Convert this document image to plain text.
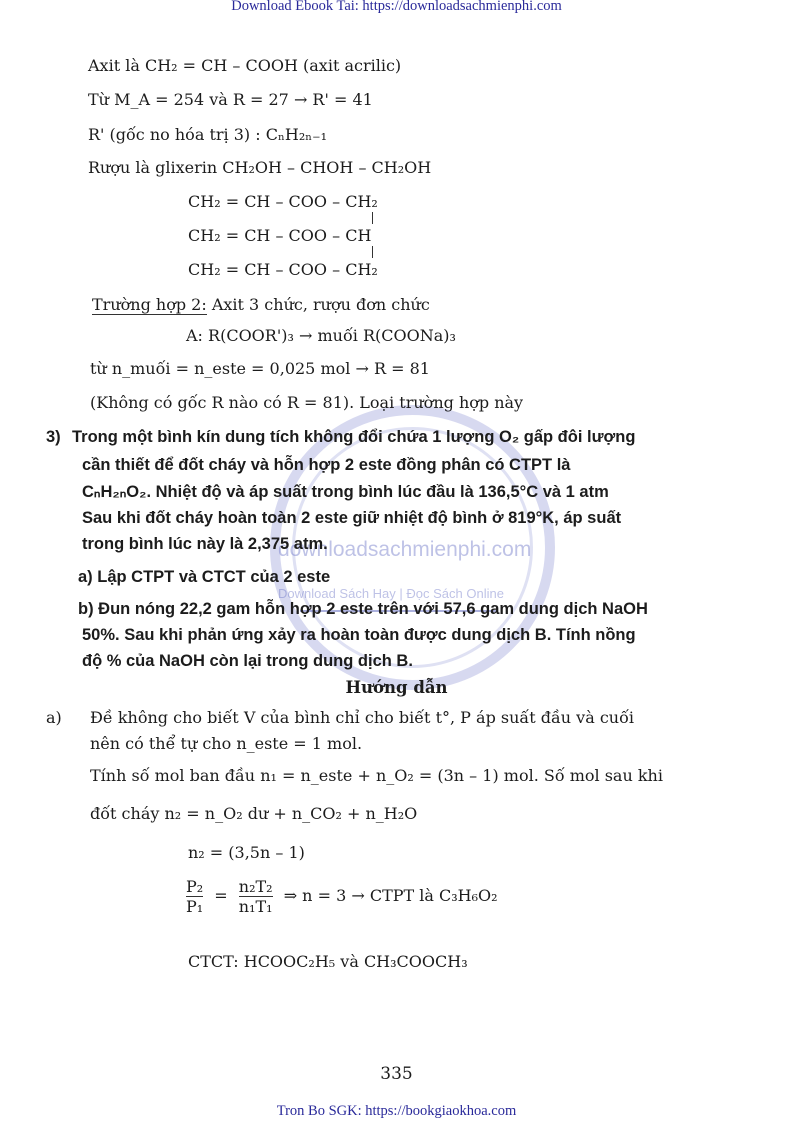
Download Ebook Tai: https://downloadsachmienphi.com
downloadsachmienphi.com
Download Sách Hay | Đọc Sách Online
Axit là CH₂ = CH – COOH (axit acrilic)
Từ M_A = 254 và R = 27 → R' = 41
R' (gốc no hóa trị 3) : CₙH₂ₙ₋₁
Rượu là glixerin CH₂OH – CHOH – CH₂OH
CH₂ = CH – COO – CH₂
CH₂ = CH – COO – CH
CH₂ = CH – COO – CH₂
Trường hợp 2: Axit 3 chức, rượu đơn chức
A: R(COOR')₃ → muối R(COONa)₃
từ n_muối = n_este = 0,025 mol → R = 81
(Không có gốc R nào có R = 81). Loại trường hợp này
3) Trong một bình kín dung tích không đổi chứa 1 lượng O₂ gấp đôi lượng
cần thiết để đốt cháy và hỗn hợp 2 este đồng phân có CTPT là
CₙH₂ₙO₂. Nhiệt độ và áp suất trong bình lúc đầu là 136,5°C và 1 atm
Sau khi đốt cháy hoàn toàn 2 este giữ nhiệt độ bình ở 819°K, áp suất
trong bình lúc này là 2,375 atm.
a) Lập CTPT và CTCT của 2 este
b) Đun nóng 22,2 gam hỗn hợp 2 este trên với 57,6 gam dung dịch NaOH
50%. Sau khi phản ứng xảy ra hoàn toàn được dung dịch B. Tính nồng
độ % của NaOH còn lại trong dung dịch B.
Hướng dẫn
a) Đề không cho biết V của bình chỉ cho biết t°, P áp suất đầu và cuối
nên có thể tự cho n_este = 1 mol.
Tính số mol ban đầu n₁ = n_este + n_O₂ = (3n – 1) mol. Số mol sau khi
đốt cháy n₂ = n_O₂ dư + n_CO₂ + n_H₂O
n₂ = (3,5n – 1)
$\frac{\text{P₂}}{\text{P₁}} = \frac{\text{n₂T₂}}{\text{n₁T₁}}$ ⇒ n = 3 → CTPT là C₃H₆O₂
CTCT: HCOOC₂H₅ và CH₃COOCH₃
335
Tron Bo SGK: https://bookgiaokhoa.com
